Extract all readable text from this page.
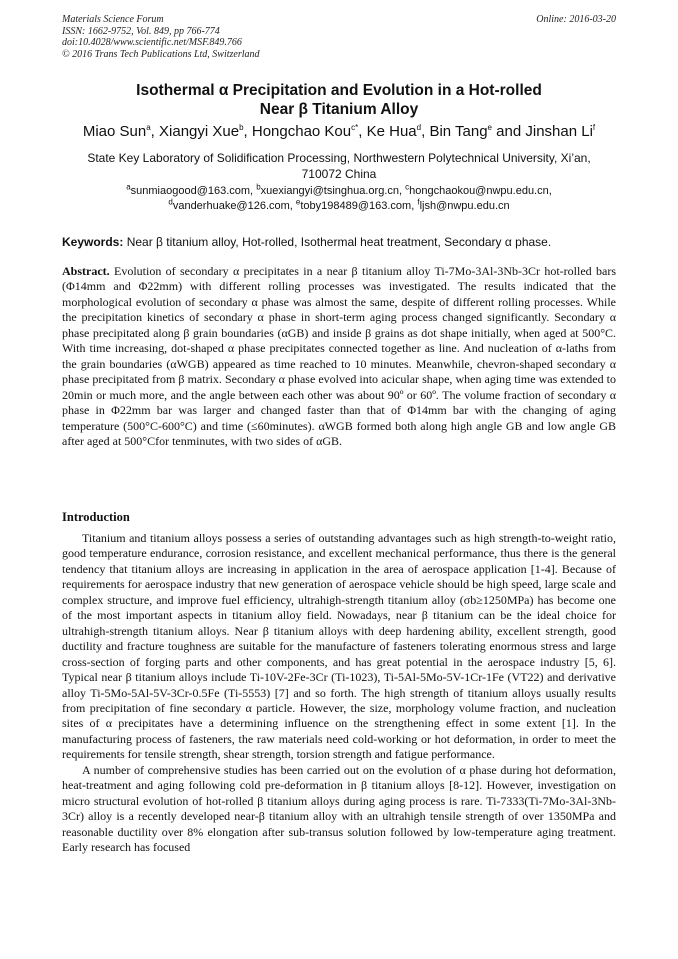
Materials Science Forum
ISSN: 1662-9752, Vol. 849, pp 766-774
doi:10.4028/www.scientific.net/MSF.849.766
© 2016 Trans Tech Publications Ltd, Switzerland
Online: 2016-03-20
Isothermal α Precipitation and Evolution in a Hot-rolled
Near β Titanium Alloy
Miao Sun$^a$, Xiangyi Xue$^b$, Hongchao Kou$^{c*}$, Ke Hua$^d$, Bin Tang$^e$ and Jinshan Li$^f$
State Key Laboratory of Solidification Processing, Northwestern Polytechnical University, Xi’an,
710072 China
$^a$sunmiaogood@163.com, $^b$xuexiangyi@tsinghua.org.cn, $^c$hongchaokou@nwpu.edu.cn,
$^d$vanderhuake@126.com, $^e$toby198489@163.com, $^f$ljsh@nwpu.edu.cn
Keywords: Near β titanium alloy, Hot-rolled, Isothermal heat treatment, Secondary α phase.
Abstract. Evolution of secondary α precipitates in a near β titanium alloy Ti-7Mo-3Al-3Nb-3Cr hot-rolled bars (Φ14mm and Φ22mm) with different rolling processes was investigated. The results indicated that the morphological evolution of secondary α phase was almost the same, despite of different rolling processes. While the precipitation kinetics of secondary α phase in short-term aging process changed significantly. Secondary α phase precipitated along β grain boundaries (αGB) and inside β grains as dot shape initially, when aged at 500°C. With time increasing, dot-shaped α phase precipitates connected together as line. And nucleation of α-laths from the grain boundaries (αWGB) appeared as time reached to 10 minutes. Meanwhile, chevron-shaped secondary α phase precipitated from β matrix. Secondary α phase evolved into acicular shape, when aging time was extended to 20min or much more, and the angle between each other was about 90º or 60º. The volume fraction of secondary α phase in Φ22mm bar was larger and changed faster than that of Φ14mm bar with the changing of aging temperature (500°C-600°C) and time (≤60minutes). αWGB formed both along high angle GB and low angle GB after aged at 500°Cfor tenminutes, with two sides of αGB.
Introduction

Titanium and titanium alloys possess a series of outstanding advantages such as high strength-to-weight ratio, good temperature endurance, corrosion resistance, and excellent mechanical performance, thus there is the general tendency that titanium alloys are increasing in application in the area of aerospace application [1-4]. Because of requirements for aerospace industry that new generation of aerospace vehicle should be high speed, large scale and complex structure, and improve fuel efficiency, ultrahigh-strength titanium alloy (σb≥1250MPa) has become one of the most important aspects in titanium alloy field. Nowadays, near β titanium can be the ideal choice for ultrahigh-strength titanium alloys. Near β titanium alloys with deep hardening ability, excellent strength, good ductility and fracture toughness are suitable for the manufacture of fasteners tolerating enormous stress and large cross-section of forging parts and other components, and has great potential in the aerospace industry [5, 6]. Typical near β titanium alloys include Ti-10V-2Fe-3Cr (Ti-1023), Ti-5Al-5Mo-5V-1Cr-1Fe (VT22) and derivative alloy Ti-5Mo-5Al-5V-3Cr-0.5Fe (Ti-5553) [7] and so forth. The high strength of titanium alloys usually results from precipitation of fine secondary α particle. However, the size, morphology volume fraction, and nucleation sites of α precipitates have a determining influence on the strengthening effect in some extent [1]. In the manufacturing process of fasteners, the raw materials need cold-working or hot deformation, in order to meet the requirements for tensile strength, shear strength, torsion strength and fatigue performance.

A number of comprehensive studies has been carried out on the evolution of α phase during hot deformation, heat-treatment and aging following cold pre-deformation in β titanium alloys [8-12]. However, investigation on micro structural evolution of hot-rolled β titanium alloys during aging process is rare. Ti-7333(Ti-7Mo-3Al-3Nb-3Cr) alloy is a recently developed near-β titanium alloy with an ultrahigh tensile strength of over 1350MPa and reasonable ductility over 8% elongation after sub-transus solution followed by low-temperature aging treatment. Early research has focused
